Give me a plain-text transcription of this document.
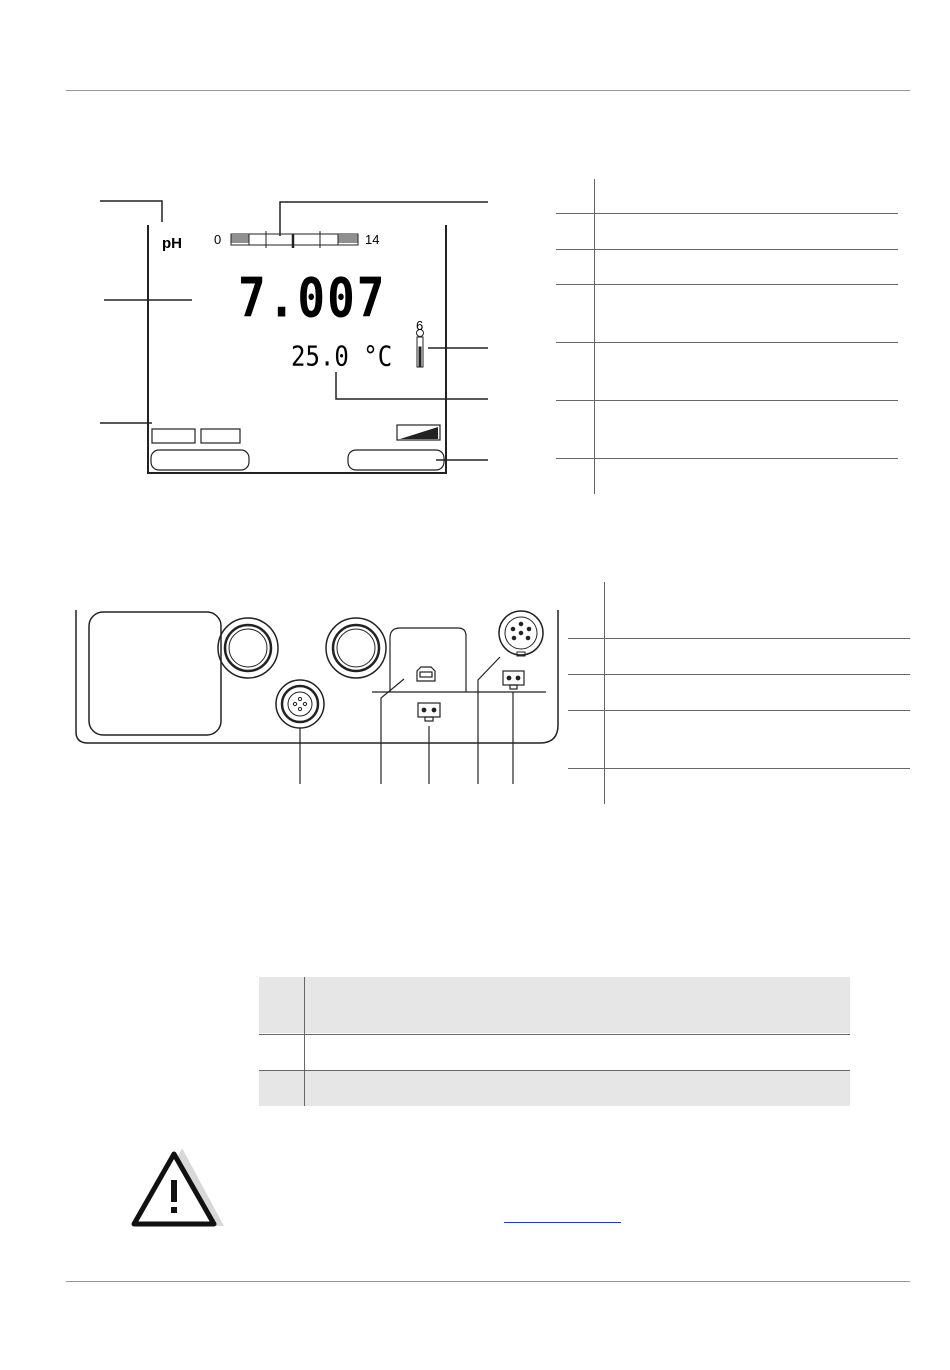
pH 0	14
7.007
25.0 °C
6
